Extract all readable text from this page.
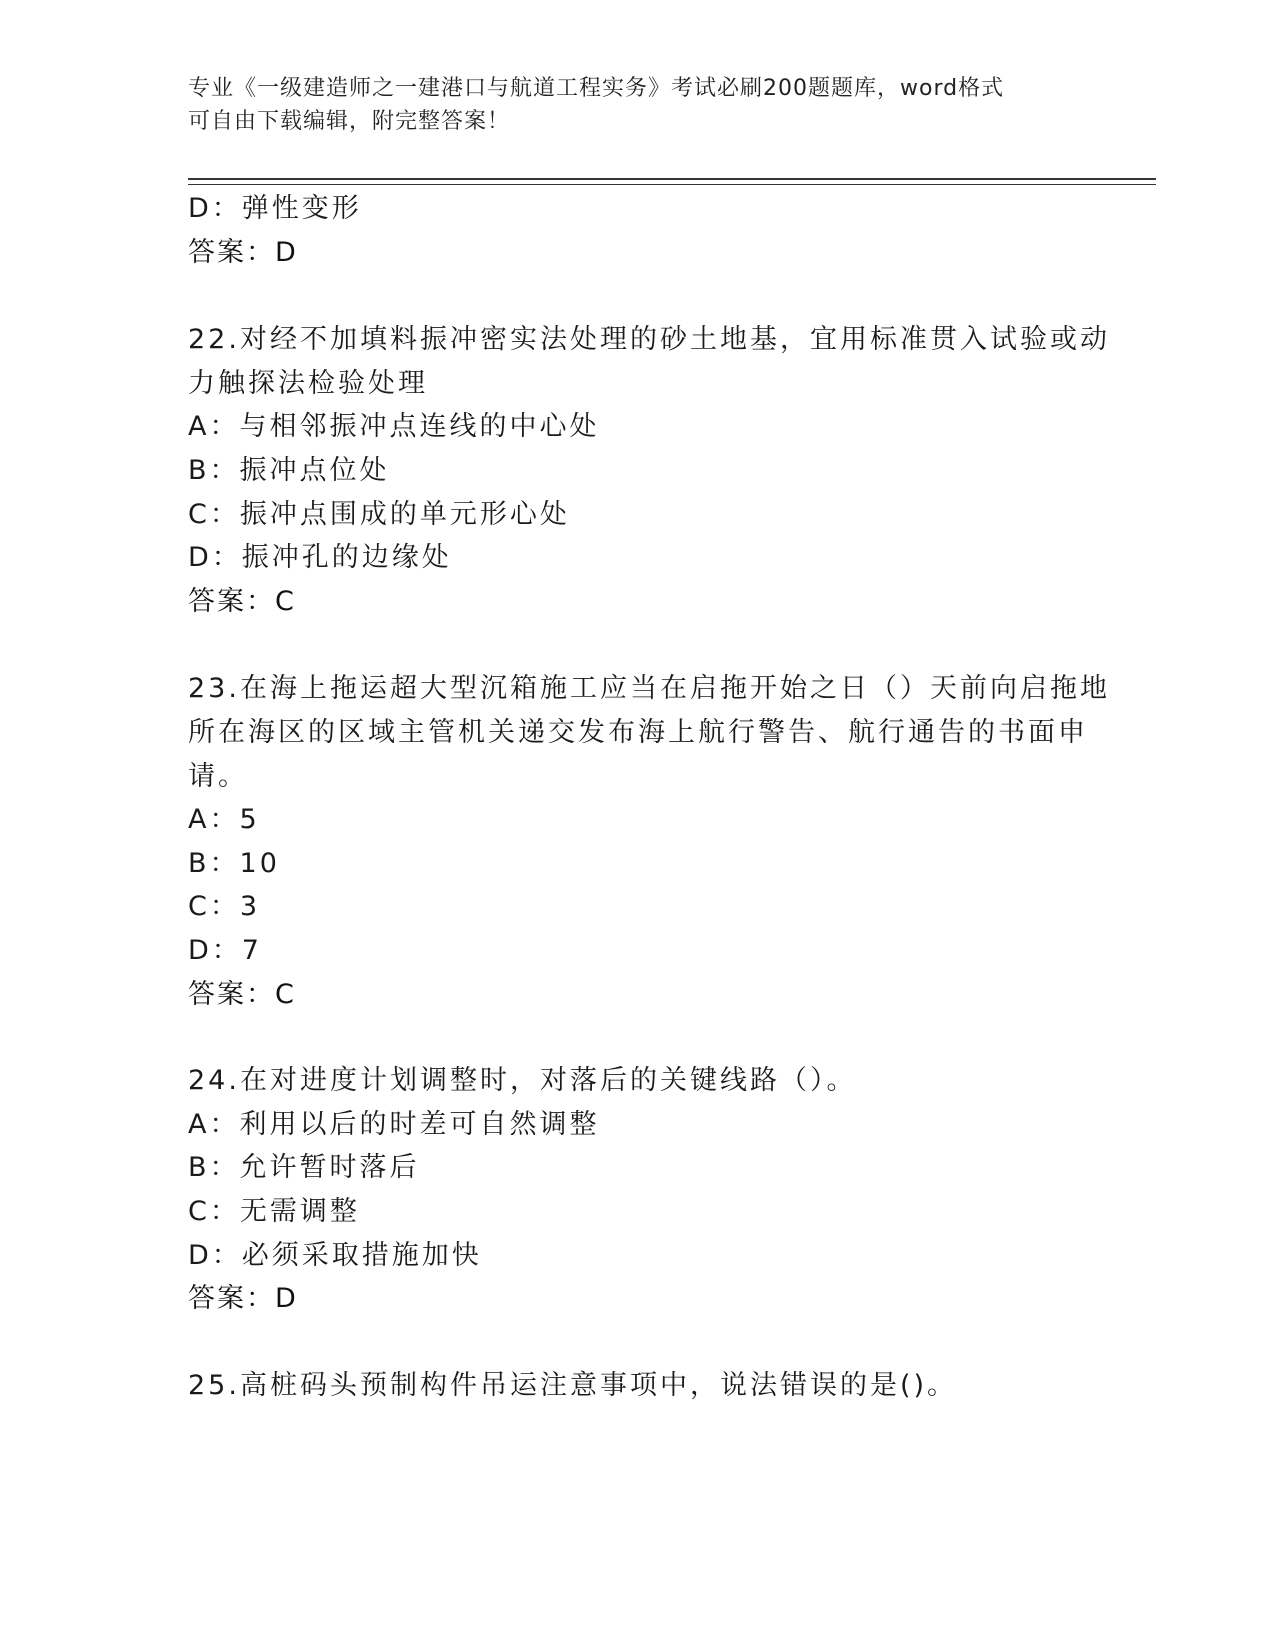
专业《一级建造师之一建港口与航道工程实务》考试必刷200题题库，word格式
可自由下载编辑，附完整答案！
D：弹性变形
答案：D
22.对经不加填料振冲密实法处理的砂土地基，宜用标准贯入试验或动
力触探法检验处理
A：与相邻振冲点连线的中心处
B：振冲点位处
C：振冲点围成的单元形心处
D：振冲孔的边缘处
答案：C
23.在海上拖运超大型沉箱施工应当在启拖开始之日（）天前向启拖地
所在海区的区域主管机关递交发布海上航行警告、航行通告的书面申
请。
A：5
B：10
C：3
D：7
答案：C
24.在对进度计划调整时，对落后的关键线路（）。
A：利用以后的时差可自然调整
B：允许暂时落后
C：无需调整
D：必须采取措施加快
答案：D
25.高桩码头预制构件吊运注意事项中，说法错误的是()。
